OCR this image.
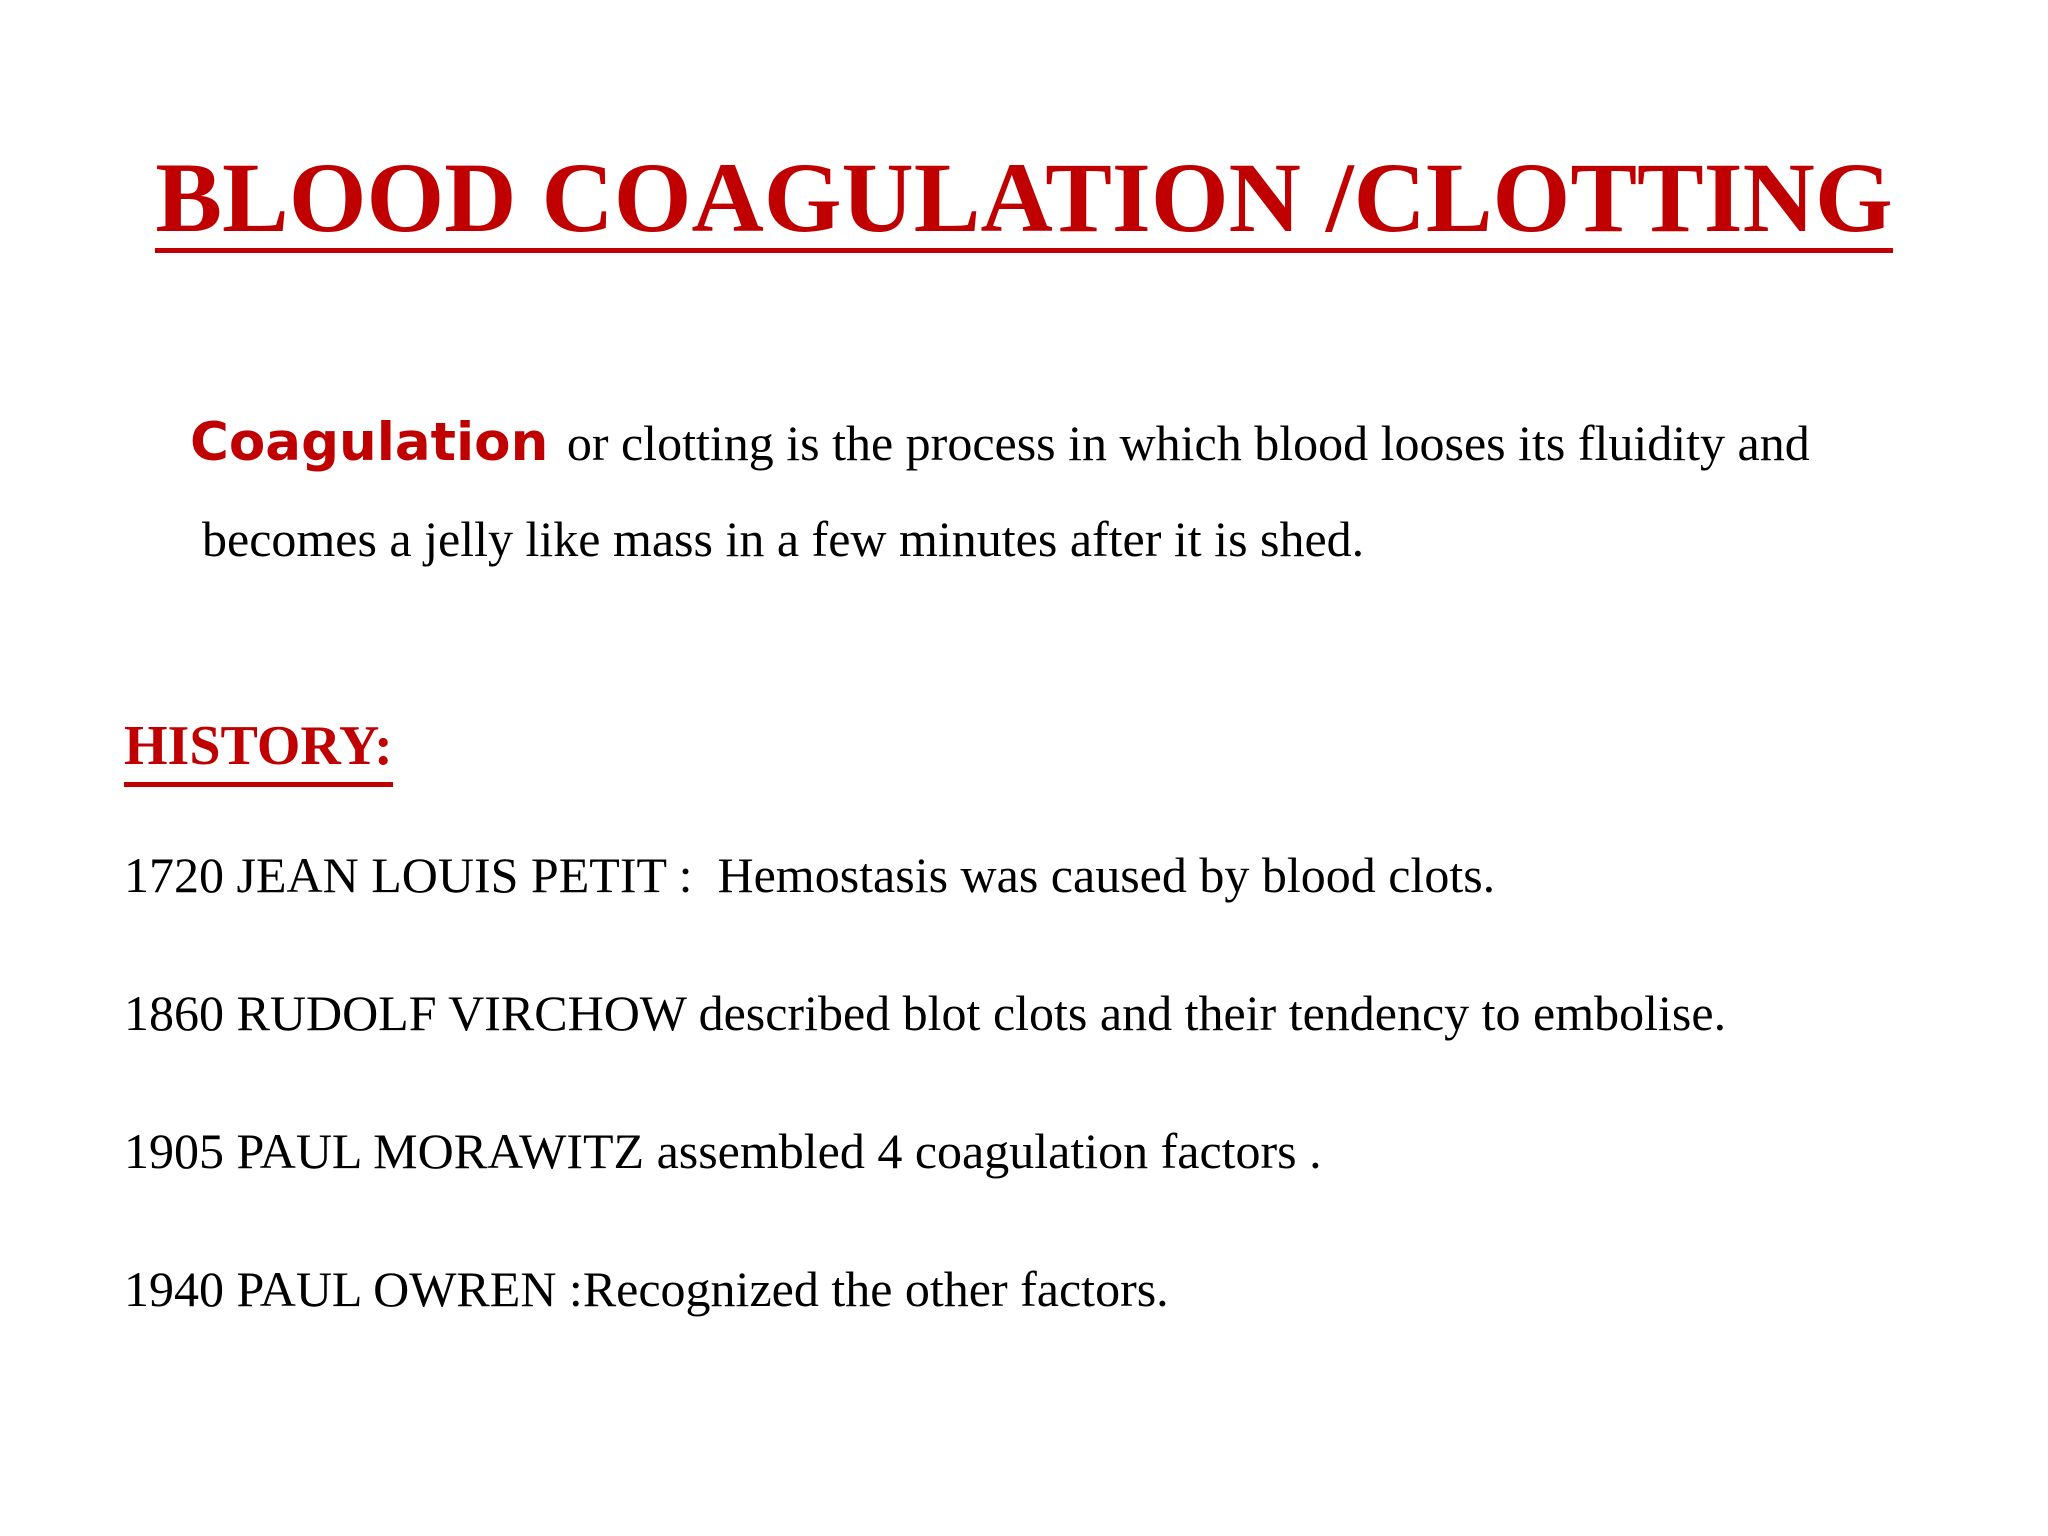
BLOOD COAGULATION /CLOTTING
Coagulation or clotting is the process in which blood looses its fluidity and
becomes a jelly like mass in a few minutes after it is shed.
HISTORY:
1720 JEAN LOUIS PETIT :  Hemostasis was caused by blood clots.
1860 RUDOLF VIRCHOW described blot clots and their tendency to embolise.
1905 PAUL MORAWITZ assembled 4 coagulation factors .
1940 PAUL OWREN :Recognized the other factors.
